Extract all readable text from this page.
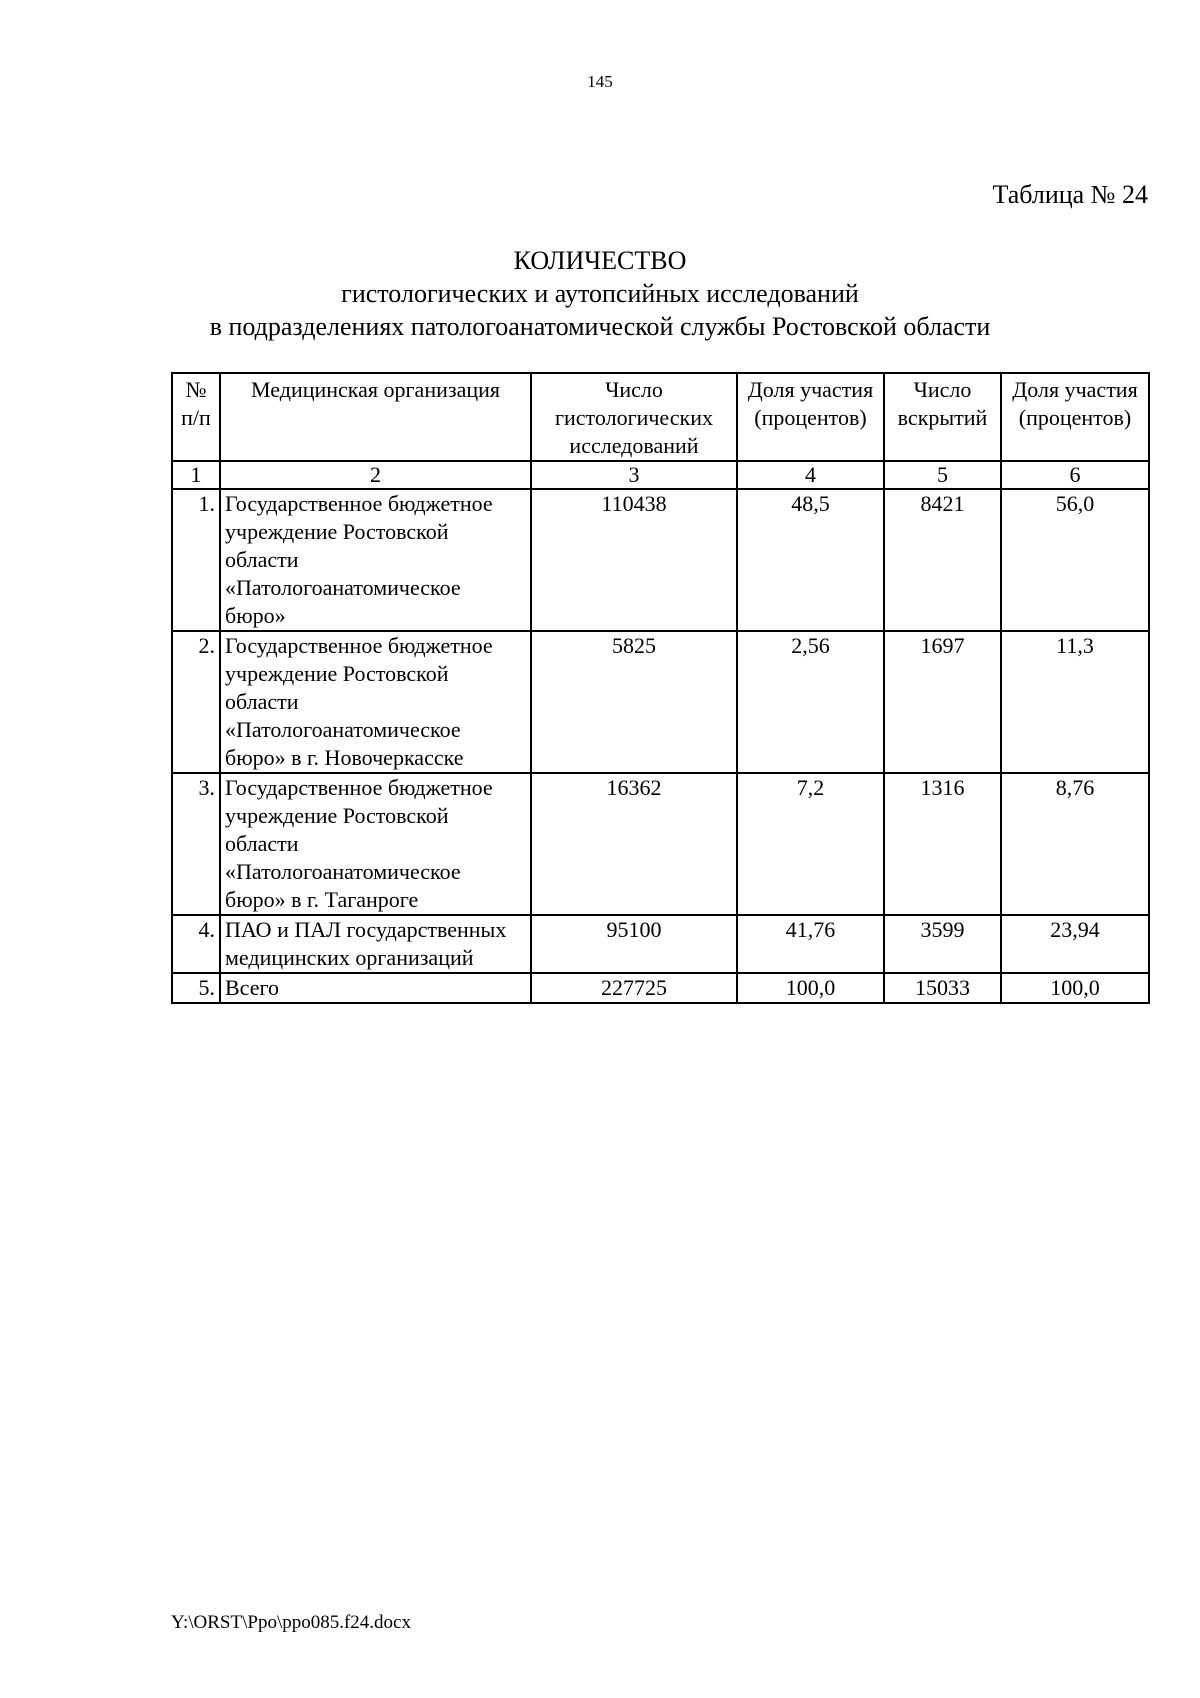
145
Таблица № 24
КОЛИЧЕСТВО
гистологических и аутопсийных исследований
в подразделениях патологоанатомической службы Ростовской области
№ п/п	Медицинская организация	Число гистологических исследований	Доля участия (процентов)	Число вскрытий	Доля участия (процентов)
1	2	3	4	5	6
1.	Государственное бюджетное учреждение Ростовской области «Патологоанатомическое бюро»	110438	48,5	8421	56,0
2.	Государственное бюджетное учреждение Ростовской области «Патологоанатомическое бюро» в г. Новочеркасске	5825	2,56	1697	11,3
3.	Государственное бюджетное учреждение Ростовской области «Патологоанатомическое бюро» в г. Таганроге	16362	7,2	1316	8,76
4.	ПАО и ПАЛ государственных медицинских организаций	95100	41,76	3599	23,94
5.	Всего	227725	100,0	15033	100,0
Y:\ORST\Ppo\ppo085.f24.docx
